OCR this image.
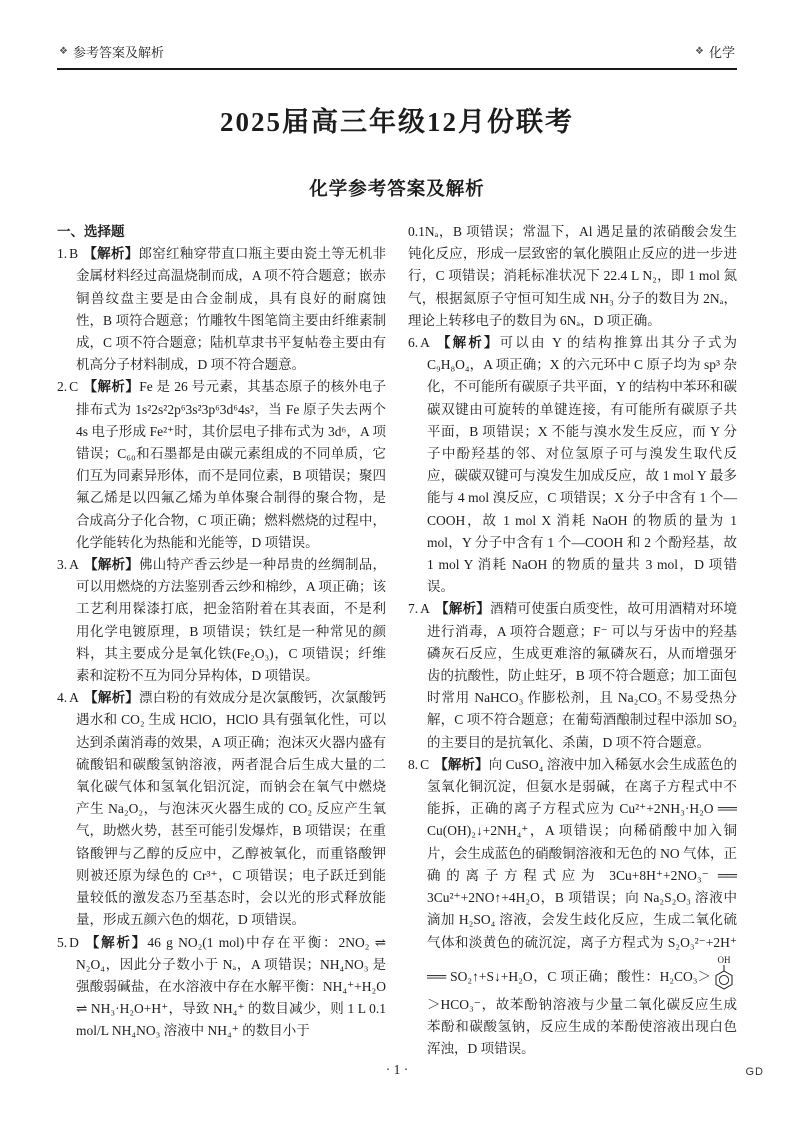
❖ 参考答案及解析	❖ 化学
2025届高三年级12月份联考
化学参考答案及解析
一、选择题

1. B 【解析】郎窑红釉穿带直口瓶主要由瓷土等无机非金属材料经过高温烧制而成，A 项不符合题意；嵌赤铜兽纹盘主要是由合金制成，具有良好的耐腐蚀性，B 项符合题意；竹雕牧牛图笔筒主要由纤维素制成，C 项不符合题意；陆机草隶书平复帖卷主要由有机高分子材料制成，D 项不符合题意。

2. C 【解析】Fe 是 26 号元素，其基态原子的核外电子排布式为 1s²2s²2p⁶3s²3p⁶3d⁶4s²，当 Fe 原子失去两个 4s 电子形成 Fe²⁺时，其价层电子排布式为 3d⁶，A 项错误；C₆₀和石墨都是由碳元素组成的不同单质，它们互为同素异形体，而不是同位素，B 项错误；聚四氟乙烯是以四氟乙烯为单体聚合制得的聚合物，是合成高分子化合物，C 项正确；燃料燃烧的过程中，化学能转化为热能和光能等，D 项错误。

3. A 【解析】佛山特产香云纱是一种昂贵的丝绸制品，可以用燃烧的方法鉴别香云纱和棉纱，A 项正确；该工艺利用髹漆打底，把金箔附着在其表面，不是利用化学电镀原理，B 项错误；铁红是一种常见的颜料，其主要成分是氧化铁(Fe₂O₃)，C 项错误；纤维素和淀粉不互为同分异构体，D 项错误。

4. A 【解析】漂白粉的有效成分是次氯酸钙，次氯酸钙遇水和 CO₂ 生成 HClO，HClO 具有强氧化性，可以达到杀菌消毒的效果，A 项正确；泡沫灭火器内盛有硫酸铝和碳酸氢钠溶液，两者混合后生成大量的二氧化碳气体和氢氧化铝沉淀，而钠会在氧气中燃烧产生 Na₂O₂，与泡沫灭火器生成的 CO₂ 反应产生氧气，助燃火势，甚至可能引发爆炸，B 项错误；在重铬酸钾与乙醇的反应中，乙醇被氧化，而重铬酸钾则被还原为绿色的 Cr³⁺，C 项错误；电子跃迁到能量较低的激发态乃至基态时，会以光的形式释放能量，形成五颜六色的烟花，D 项错误。

5. D 【解析】46 g NO₂(1 mol)中存在平衡：2NO₂ ⇌ N₂O₄，因此分子数小于 Nₐ，A 项错误；NH₄NO₃ 是强酸弱碱盐，在水溶液中存在水解平衡：NH₄⁺+H₂O ⇌ NH₃·H₂O+H⁺，导致 NH₄⁺ 的数目减少，则 1 L 0.1 mol/L NH₄NO₃ 溶液中 NH₄⁺ 的数目小于

0.1Nₐ，B 项错误；常温下，Al 遇足量的浓硝酸会发生钝化反应，形成一层致密的氧化膜阻止反应的进一步进行，C 项错误；消耗标准状况下 22.4 L N₂，即 1 mol 氮气，根据氮原子守恒可知生成 NH₃ 分子的数目为 2Nₐ，理论上转移电子的数目为 6Nₐ，D 项正确。

6. A 【解析】可以由 Y 的结构推算出其分子式为 C₉H₈O₄，A 项正确；X 的六元环中 C 原子均为 sp³ 杂化，不可能所有碳原子共平面，Y 的结构中苯环和碳碳双键由可旋转的单键连接，有可能所有碳原子共平面，B 项错误；X 不能与溴水发生反应，而 Y 分子中酚羟基的邻、对位氢原子可与溴发生取代反应，碳碳双键可与溴发生加成反应，故 1 mol Y 最多能与 4 mol 溴反应，C 项错误；X 分子中含有 1 个—COOH，故 1 mol X 消耗 NaOH 的物质的量为 1 mol，Y 分子中含有 1 个—COOH 和 2 个酚羟基，故 1 mol Y 消耗 NaOH 的物质的量共 3 mol，D 项错误。

7. A 【解析】酒精可使蛋白质变性，故可用酒精对环境进行消毒，A 项符合题意；F⁻ 可以与牙齿中的羟基磷灰石反应，生成更难溶的氟磷灰石，从而增强牙齿的抗酸性，防止蛀牙，B 项不符合题意；加工面包时常用 NaHCO₃ 作膨松剂，且 Na₂CO₃ 不易受热分解，C 项不符合题意；在葡萄酒酿制过程中添加 SO₂ 的主要目的是抗氧化、杀菌，D 项不符合题意。

8. C 【解析】向 CuSO₄ 溶液中加入稀氨水会生成蓝色的氢氧化铜沉淀，但氨水是弱碱，在离子方程式中不能拆，正确的离子方程式应为 Cu²⁺+2NH₃·H₂O ══ Cu(OH)₂↓+2NH₄⁺，A 项错误；向稀硝酸中加入铜片，会生成蓝色的硝酸铜溶液和无色的 NO 气体，正确的离子方程式应为 3Cu+8H⁺+2NO₃⁻ ══ 3Cu²⁺+2NO↑+4H₂O，B 项错误；向 Na₂S₂O₃ 溶液中滴加 H₂SO₄ 溶液，会发生歧化反应，生成二氧化硫气体和淡黄色的硫沉淀，离子方程式为 S₂O₃²⁻+2H⁺ ══ SO₂↑+S↓+H₂O，C 项正确；酸性：H₂CO₃＞
OH
＞HCO₃⁻，故苯酚钠溶液与少量二氧化碳反应生成苯酚和碳酸氢钠，反应生成的苯酚使溶液出现白色浑浊，D 项错误。

· 1 ·	GD
